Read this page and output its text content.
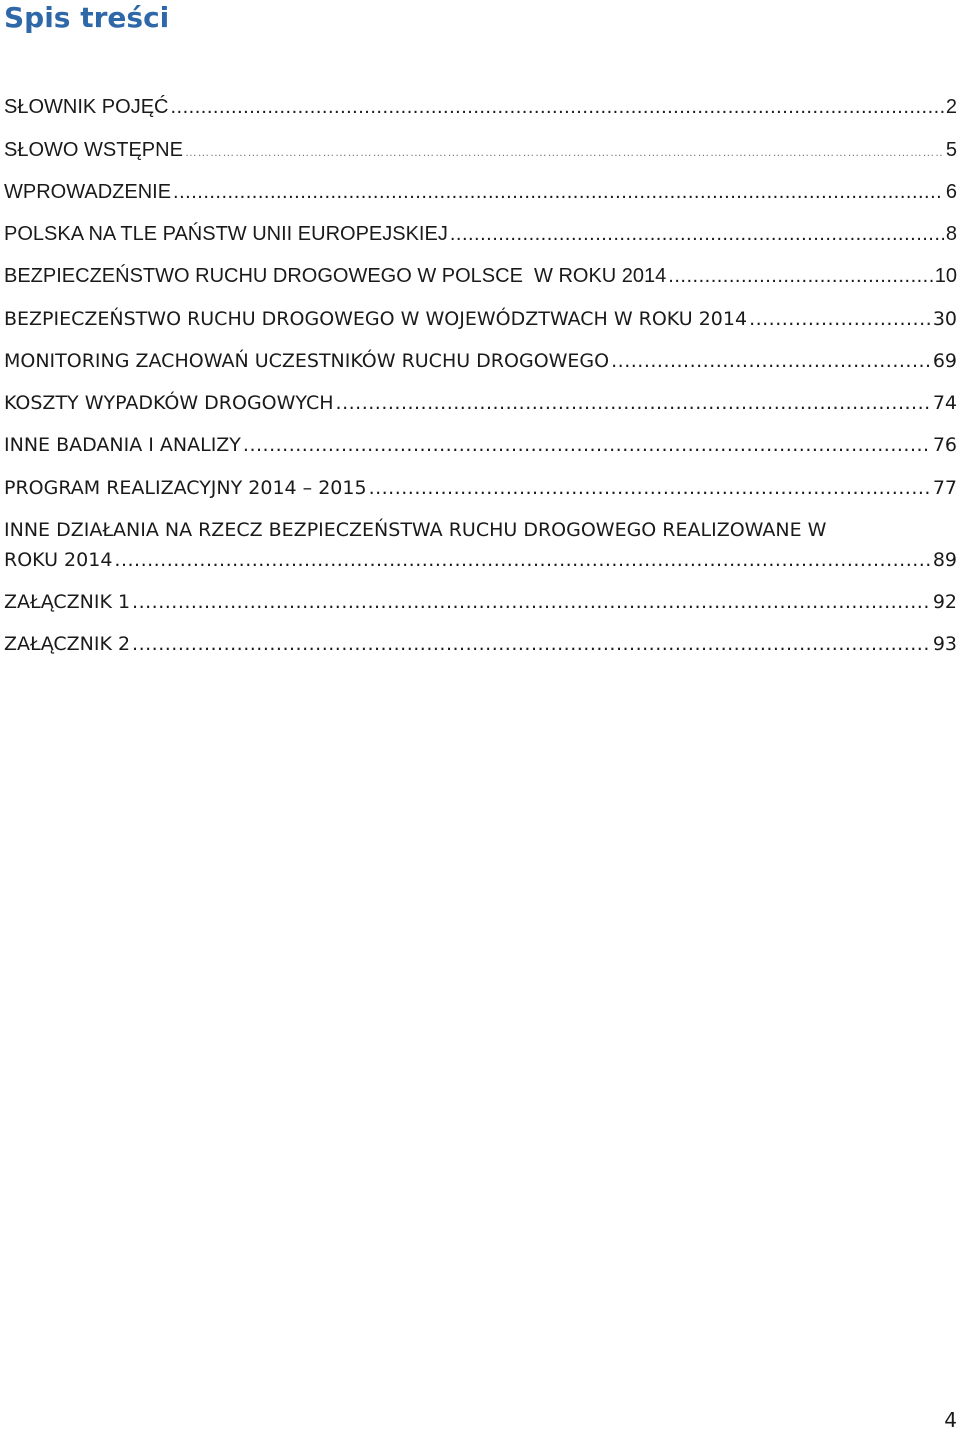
Spis treści
SŁOWNIK POJĘĆ .....	2
SŁOWO WSTĘPNE ……………………………………………………………………………………………………………………………………………………………………………………………………………………	5
WPROWADZENIE .....	6
POLSKA NA TLE PAŃSTW UNII EUROPEJSKIEJ .....	8
BEZPIECZEŃSTWO RUCHU DROGOWEGO W POLSCE  W ROKU 2014 .....	10
BEZPIECZEŃSTWO RUCHU DROGOWEGO W WOJEWÓDZTWACH W ROKU 2014 .....	30
MONITORING ZACHOWAŃ UCZESTNIKÓW RUCHU DROGOWEGO .....	69
KOSZTY WYPADKÓW DROGOWYCH .....	74
INNE BADANIA I ANALIZY .....	76
PROGRAM REALIZACYJNY 2014 – 2015 .....	77
INNE DZIAŁANIA NA RZECZ BEZPIECZEŃSTWA RUCHU DROGOWEGO REALIZOWANE W
ROKU 2014 .....	89
ZAŁĄCZNIK 1 .....	92
ZAŁĄCZNIK 2 .....	93
4
